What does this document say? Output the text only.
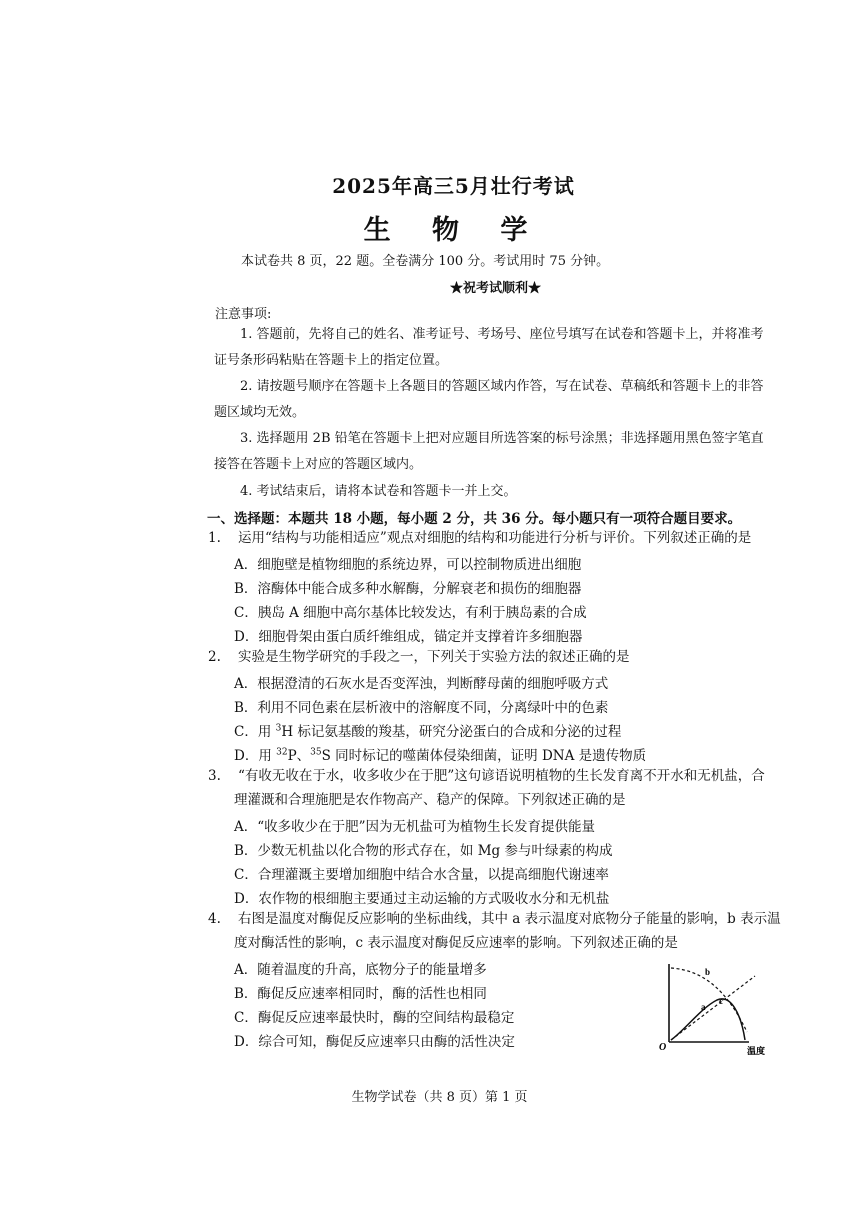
2025年高三5月壮行考试
生 物 学
本试卷共 8 页，22 题。全卷满分 100 分。考试用时 75 分钟。
★祝考试顺利★
注意事项:
1. 答题前，先将自己的姓名、准考证号、考场号、座位号填写在试卷和答题卡上，并将准考
证号条形码粘贴在答题卡上的指定位置。
2. 请按题号顺序在答题卡上各题目的答题区域内作答，写在试卷、草稿纸和答题卡上的非答
题区域均无效。
3. 选择题用 2B 铅笔在答题卡上把对应题目所选答案的标号涂黑；非选择题用黑色签字笔直
接答在答题卡上对应的答题区域内。
4. 考试结束后，请将本试卷和答题卡一并上交。
一、选择题：本题共 18 小题，每小题 2 分，共 36 分。每小题只有一项符合题目要求。
1. 运用“结构与功能相适应”观点对细胞的结构和功能进行分析与评价。下列叙述正确的是
A．细胞壁是植物细胞的系统边界，可以控制物质进出细胞
B．溶酶体中能合成多种水解酶，分解衰老和损伤的细胞器
C．胰岛 A 细胞中高尔基体比较发达，有利于胰岛素的合成
D．细胞骨架由蛋白质纤维组成，锚定并支撑着许多细胞器
2. 实验是生物学研究的手段之一，下列关于实验方法的叙述正确的是
A．根据澄清的石灰水是否变浑浊，判断酵母菌的细胞呼吸方式
B．利用不同色素在层析液中的溶解度不同，分离绿叶中的色素
C．用 $^3$H 标记氨基酸的羧基，研究分泌蛋白的合成和分泌的过程
D．用 $^{32}$P、$^{35}$S 同时标记的噬菌体侵染细菌，证明 DNA 是遗传物质
3. “有收无收在于水，收多收少在于肥”这句谚语说明植物的生长发育离不开水和无机盐，合
理灌溉和合理施肥是农作物高产、稳产的保障。下列叙述正确的是
A．“收多收少在于肥”因为无机盐可为植物生长发育提供能量
B．少数无机盐以化合物的形式存在，如 Mg 参与叶绿素的构成
C．合理灌溉主要增加细胞中结合水含量，以提高细胞代谢速率
D．农作物的根细胞主要通过主动运输的方式吸收水分和无机盐
4. 右图是温度对酶促反应影响的坐标曲线，其中 a 表示温度对底物分子能量的影响，b 表示温
度对酶活性的影响，c 表示温度对酶促反应速率的影响。下列叙述正确的是
A．随着温度的升高，底物分子的能量增多
B．酶促反应速率相同时，酶的活性也相同
C．酶促反应速率最快时，酶的空间结构最稳定
D．综合可知，酶促反应速率只由酶的活性决定	O	温度
a
b
c
生物学试卷（共 8 页）第 1 页
